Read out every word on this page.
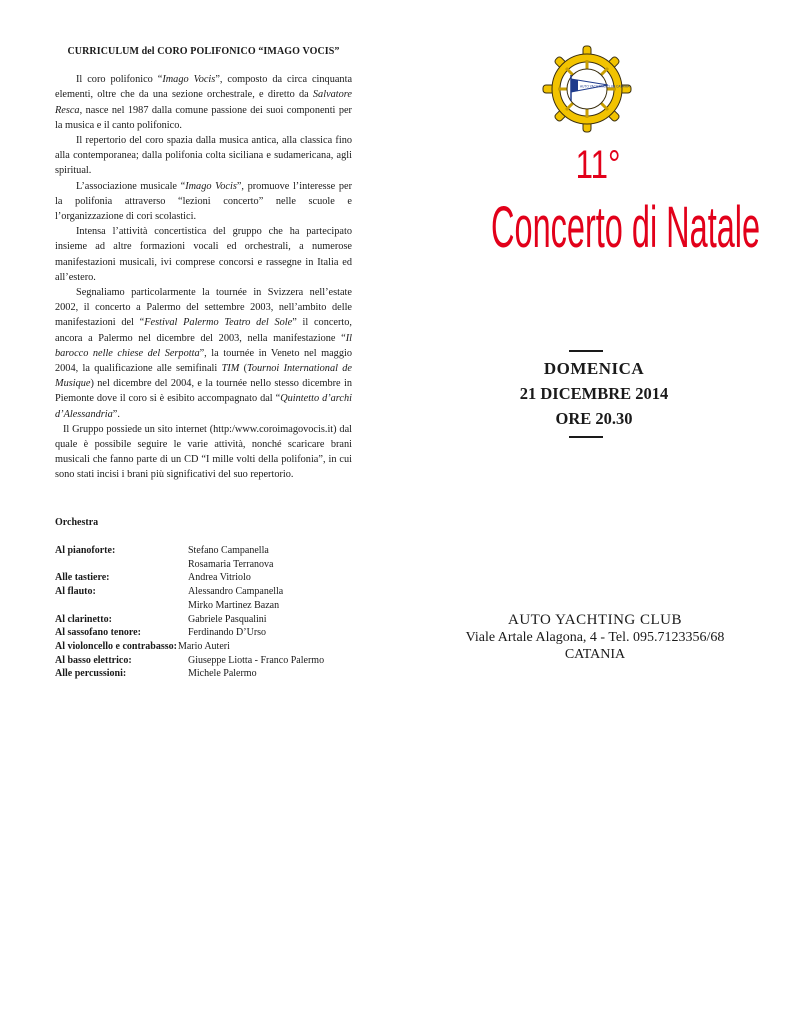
CURRICULUM del CORO POLIFONICO “IMAGO VOCIS”

Il coro polifonico “Imago Vocis”, composto da circa cinquanta elementi, oltre che da una sezione orchestrale, e diretto da Salvatore Resca, nasce nel 1987 dalla comune passione dei suoi componenti per la musica e il canto polifonico.

Il repertorio del coro spazia dalla musica antica, alla classica fino alla contemporanea; dalla polifonia colta siciliana e sudamericana, agli spiritual.

L’associazione musicale “Imago Vocis”, promuove l’interesse per la polifonia attraverso “lezioni concerto” nelle scuole e l’organizzazione di cori scolastici.

Intensa l’attività concertistica del gruppo che ha partecipato insieme ad altre formazioni vocali ed orchestrali, a numerose manifestazioni musicali, ivi comprese concorsi e rassegne in Italia ed all’estero.

Segnaliamo particolarmente la tournée in Svizzera nell’estate 2002, il concerto a Palermo del settembre 2003, nell’ambito delle manifestazioni del “Festival Palermo Teatro del Sole” il concerto, ancora a Palermo nel dicembre del 2003, nella manifestazione “Il barocco nelle chiese del Serpotta”, la tournée in Veneto nel maggio 2004, la qualificazione alle semifinali TIM (Tournoi International de Musique) nel dicembre del 2004, e la tournée nello stesso dicembre in Piemonte dove il coro si è esibito accompagnato dal “Quintetto d’archi d’Alessandria”.

Il Gruppo possiede un sito internet (http:/www.coroimagovocis.it) dal quale è possibile seguire le varie attività, nonché scaricare brani musicali che fanno parte di un CD “I mille volti della polifonia”, in cui sono stati incisi i brani più significativi del suo repertorio.

Orchestra
Al pianoforte:	Stefano Campanella
Rosamaria Terranova
Alle tastiere:	Andrea Vitriolo
Al flauto:	Alessandro Campanella
Mirko Martinez Bazan
Al clarinetto:	Gabriele Pasqualini
Al sassofano tenore:	Ferdinando D’Urso
Al violoncello e contrabasso: Mario Auteri
Al basso elettrico:	Giuseppe Liotta - Franco Palermo
Alle percussioni:	Michele Palermo
AUTO YACHTING CLUB CATANIA
11°
Concerto di Natale
DOMENICA
21 DICEMBRE 2014
ORE 20.30
AUTO YACHTING CLUB
Viale Artale Alagona, 4 - Tel. 095.7123356/68
CATANIA
